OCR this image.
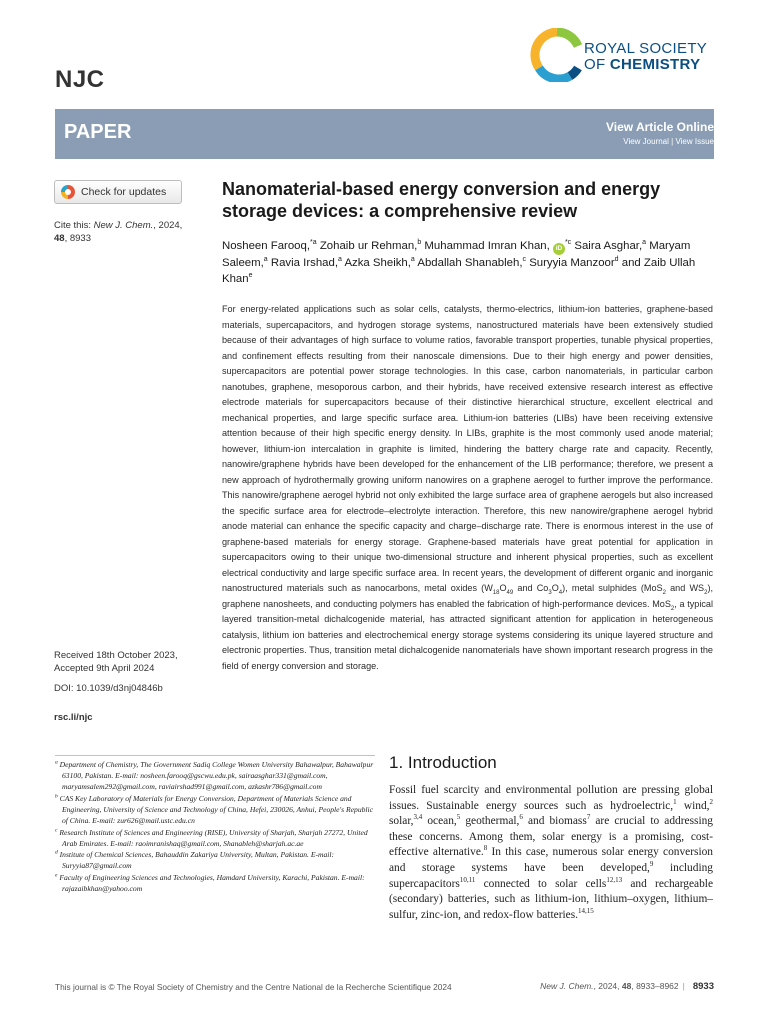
NJC
ROYAL SOCIETY
OF CHEMISTRY
PAPER	View Article Online
View Journal | View Issue
Check for updates
Cite this: New J. Chem., 2024,
48, 8933
Received 18th October 2023,
Accepted 9th April 2024
DOI: 10.1039/d3nj04846b
rsc.li/njc
Nanomaterial-based energy conversion and energy storage devices: a comprehensive review
Nosheen Farooq,$^{*a}$ Zohaib ur Rehman,$^b$ Muhammad Imran Khan, $iD^{*c}$ Saira Asghar,$^a$ Maryam Saleem,$^a$ Ravia Irshad,$^a$ Azka Sheikh,$^a$ Abdallah Shanableh,$^c$ Suryyia Manzoor$^d$ and Zaib Ullah Khan$^e$
For energy-related applications such as solar cells, catalysts, thermo-electrics, lithium-ion batteries, graphene-based materials, supercapacitors, and hydrogen storage systems, nanostructured materials have been extensively studied because of their advantages of high surface to volume ratios, favorable transport properties, tunable physical properties, and confinement effects resulting from their nanoscale dimensions. Due to their high energy and power densities, supercapacitors are potential power storage technologies. In this case, carbon nanomaterials, in particular carbon nanotubes, graphene, mesoporous carbon, and their hybrids, have received extensive research interest as effective electrode materials for supercapacitors because of their distinctive hierarchical structure, excellent electrical and mechanical properties, and large specific surface area. Lithium-ion batteries (LIBs) have been receiving extensive attention because of their high specific energy density. In LIBs, graphite is the most commonly used anode material; however, lithium-ion intercalation in graphite is limited, hindering the battery charge rate and capacity. Recently, nanowire/graphene hybrids have been developed for the enhancement of the LIB performance; therefore, we present a new approach of hydrothermally growing uniform nanowires on a graphene aerogel to further improve the performance. This nanowire/graphene aerogel hybrid not only exhibited the large surface area of graphene aerogels but also increased the specific surface area for electrode–electrolyte interaction. Therefore, this new nanowire/graphene aerogel hybrid anode material can enhance the specific capacity and charge–discharge rate. There is enormous interest in the use of graphene-based materials for energy storage. Graphene-based materials have great potential for application in supercapacitors owing to their unique two-dimensional structure and inherent physical properties, such as excellent electrical conductivity and large specific surface area. In recent years, the development of different organic and inorganic nanostructured materials such as nanocarbons, metal oxides ($W_{18}O_{49}$ and $Co_3O_4$), metal sulphides (MoS$_2$ and $WS_2$), graphene nanosheets, and conducting polymers has enabled the fabrication of high-performance devices. MoS$_2$, a typical layered transition-metal dichalcogenide material, has attracted significant attention for application in heterogeneous catalysis, lithium ion batteries and electrochemical energy storage systems considering its unique layered structure and electronic properties. Thus, transition metal dichalcogenide nanomaterials have shown important research progress in the field of energy conversion and storage.
$^a$ Department of Chemistry, The Government Sadiq College Women University Bahawalpur, Bahawalpur 63100, Pakistan. E-mail: nosheen.farooq@gscwu.edu.pk, sairaasghar331@gmail.com, maryamsalem292@gmail.com, raviairshad991@gmail.com, azkashr786@gmail.com
$^b$ CAS Key Laboratory of Materials for Energy Conversion, Department of Materials Science and Engineering, University of Science and Technology of China, Hefei, 230026, Anhui, People's Republic of China. E-mail: zur626@mail.ustc.edu.cn
$^c$ Research Institute of Sciences and Engineering (RISE), University of Sharjah, Sharjah 27272, United Arab Emirates. E-mail: raoimranishaq@gmail.com, Shanableh@sharjah.ac.ae
$^d$ Institute of Chemical Sciences, Bahauddin Zakariya University, Multan, Pakistan. E-mail: Suryyia87@gmail.com
$^e$ Faculty of Engineering Sciences and Technologies, Hamdard University, Karachi, Pakistan. E-mail: rajazaibkhan@yahoo.com
1. Introduction
Fossil fuel scarcity and environmental pollution are pressing global issues. Sustainable energy sources such as hydroelectric,$^1$ wind,$^2$ solar,$^{3,4}$ ocean,$^5$ geothermal,$^6$ and biomass$^7$ are crucial to addressing these concerns. Among them, solar energy is a promising, cost-effective alternative.$^8$ In this case, numerous solar energy conversion and storage systems have been developed,$^9$ including supercapacitors$^{10,11}$ connected to solar cells$^{12,13}$ and rechargeable (secondary) batteries, such as lithium-ion, lithium–oxygen, lithium–sulfur, zinc-ion, and redox-flow batteries.$^{14,15}$
This journal is © The Royal Society of Chemistry and the Centre National de la Recherche Scientifique 2024	New J. Chem., 2024, 48, 8933–8962 | 8933
